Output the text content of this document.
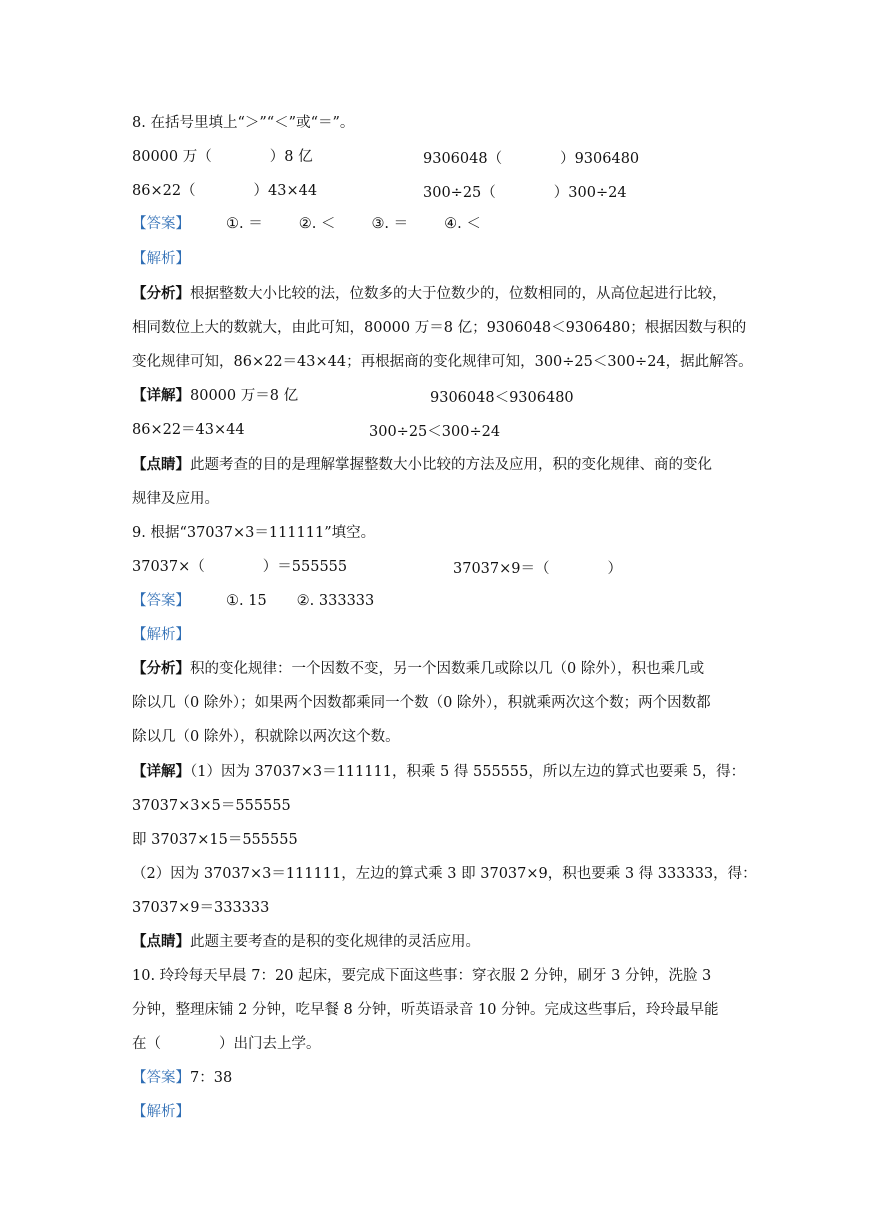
8. 在括号里填上“＞”“＜”或“＝”。
80000 万（　　　　）8 亿	9306048（　　　　）9306480
86×22（　　　　）43×44	300÷25（　　　　）300÷24
【答案】 ①. ＝ ②. ＜ ③. ＝ ④. ＜
【解析】
【分析】根据整数大小比较的法，位数多的大于位数少的，位数相同的，从高位起进行比较，
相同数位上大的数就大，由此可知，80000 万＝8 亿；9306048＜9306480；根据因数与积的
变化规律可知，86×22＝43×44；再根据商的变化规律可知，300÷25＜300÷24，据此解答。
【详解】80000 万＝8 亿	9306048＜9306480
86×22＝43×44	300÷25＜300÷24
【点睛】此题考查的目的是理解掌握整数大小比较的方法及应用，积的变化规律、商的变化
规律及应用。
9. 根据“37037×3＝111111”填空。
37037×（　　　　）＝555555	37037×9＝（　　　　）
【答案】 ①. 15 ②. 333333
【解析】
【分析】积的变化规律：一个因数不变，另一个因数乘几或除以几（0 除外），积也乘几或
除以几（0 除外）；如果两个因数都乘同一个数（0 除外），积就乘两次这个数；两个因数都
除以几（0 除外），积就除以两次这个数。
【详解】（1）因为 37037×3＝111111，积乘 5 得 555555，所以左边的算式也要乘 5，得：
37037×3×5＝555555
即 37037×15＝555555
（2）因为 37037×3＝111111，左边的算式乘 3 即 37037×9，积也要乘 3 得 333333，得：
37037×9＝333333
【点睛】此题主要考查的是积的变化规律的灵活应用。
10. 玲玲每天早晨 7：20 起床，要完成下面这些事：穿衣服 2 分钟，刷牙 3 分钟，洗脸 3
分钟，整理床铺 2 分钟，吃早餐 8 分钟，听英语录音 10 分钟。完成这些事后，玲玲最早能
在（　　　　）出门去上学。
【答案】7：38
【解析】
